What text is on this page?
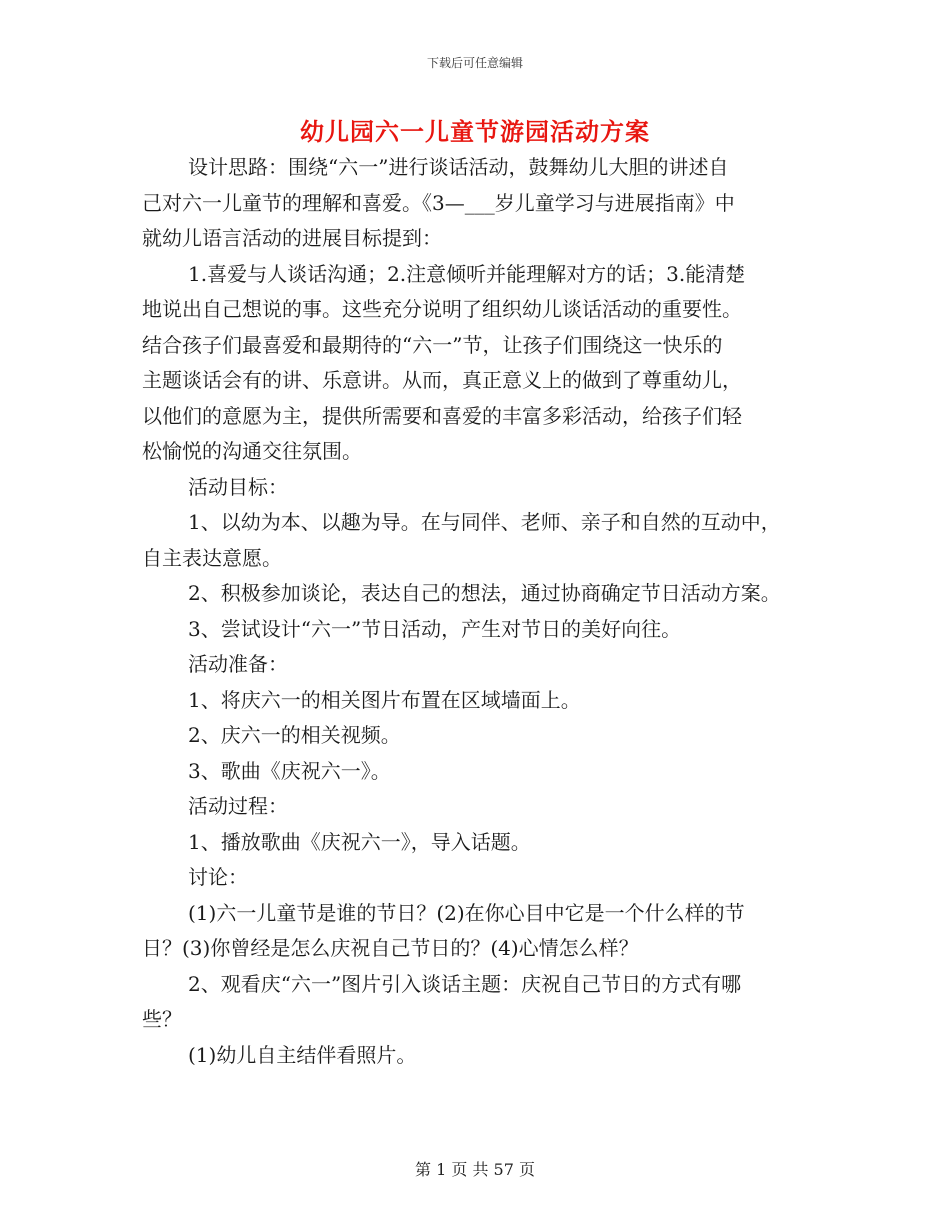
下载后可任意编辑
幼儿园六一儿童节游园活动方案

设计思路：围绕“六一”进行谈话活动，鼓舞幼儿大胆的讲述自

己对六一儿童节的理解和喜爱。《3—___岁儿童学习与进展指南》中
就幼儿语言活动的进展目标提到：

1.喜爱与人谈话沟通；2.注意倾听并能理解对方的话；3.能清楚

地说出自己想说的事。这些充分说明了组织幼儿谈话活动的重要性。
结合孩子们最喜爱和最期待的“六一”节，让孩子们围绕这一快乐的
主题谈话会有的讲、乐意讲。从而，真正意义上的做到了尊重幼儿，
以他们的意愿为主，提供所需要和喜爱的丰富多彩活动，给孩子们轻
松愉悦的沟通交往氛围。

活动目标：

1、以幼为本、以趣为导。在与同伴、老师、亲子和自然的互动中，

自主表达意愿。

2、积极参加谈论，表达自己的想法，通过协商确定节日活动方案。

3、尝试设计“六一”节日活动，产生对节日的美好向往。

活动准备：

1、将庆六一的相关图片布置在区域墙面上。

2、庆六一的相关视频。

3、歌曲《庆祝六一》。

活动过程：

1、播放歌曲《庆祝六一》，导入话题。

讨论：

(1)六一儿童节是谁的节日？(2)在你心目中它是一个什么样的节

日？(3)你曾经是怎么庆祝自己节日的？(4)心情怎么样？

2、观看庆“六一”图片引入谈话主题：庆祝自己节日的方式有哪

些？

(1)幼儿自主结伴看照片。

第 1 页 共 57 页
